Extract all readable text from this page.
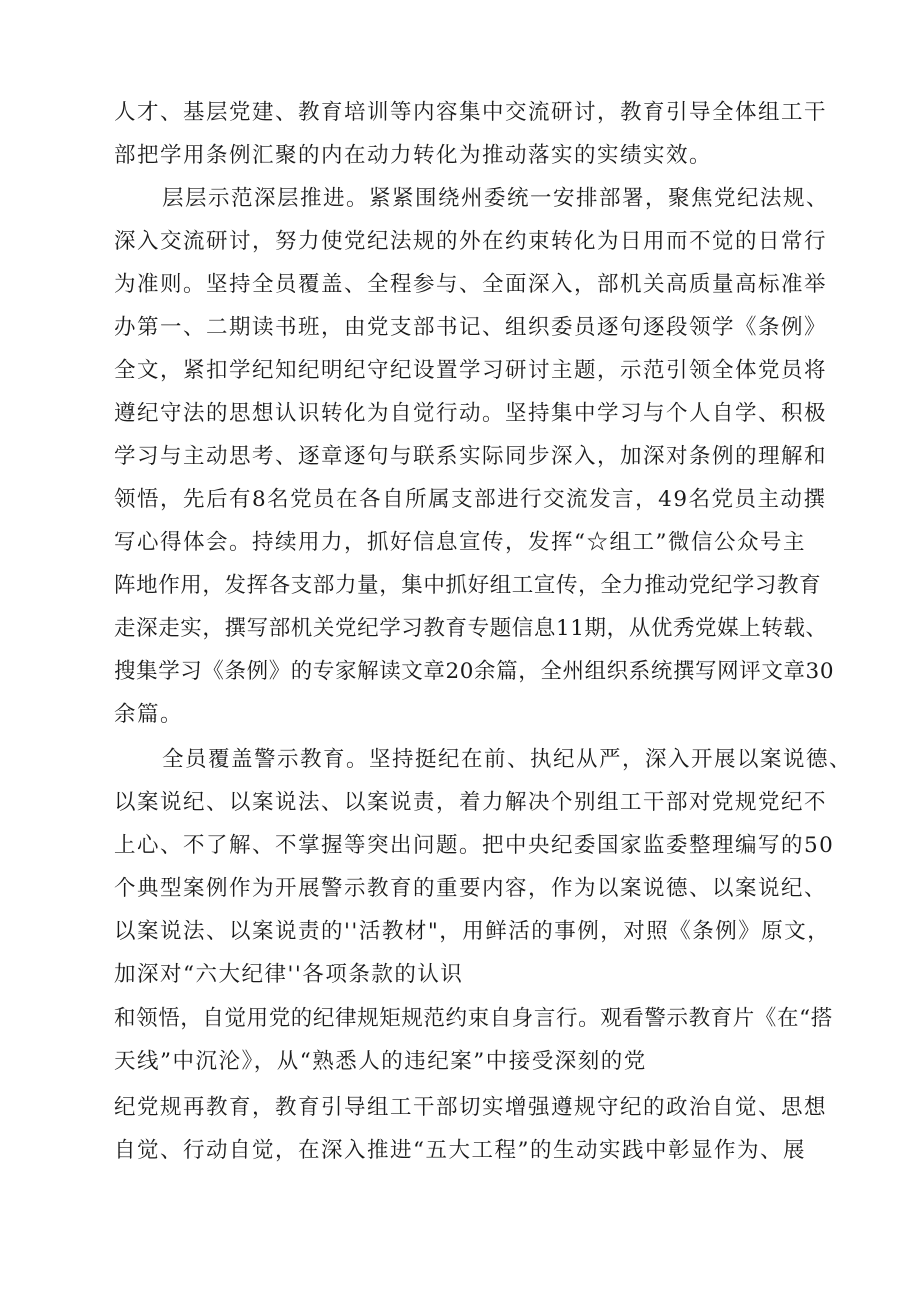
人才、基层党建、教育培训等内容集中交流研讨，教育引导全体组工干

部把学用条例汇聚的内在动力转化为推动落实的实绩实效。

层层示范深层推进。紧紧围绕州委统一安排部署，聚焦党纪法规、

深入交流研讨，努力使党纪法规的外在约束转化为日用而不觉的日常行

为准则。坚持全员覆盖、全程参与、全面深入，部机关高质量高标准举

办第一、二期读书班，由党支部书记、组织委员逐句逐段领学《条例》

全文，紧扣学纪知纪明纪守纪设置学习研讨主题，示范引领全体党员将

遵纪守法的思想认识转化为自觉行动。坚持集中学习与个人自学、积极

学习与主动思考、逐章逐句与联系实际同步深入，加深对条例的理解和

领悟，先后有8名党员在各自所属支部进行交流发言，49名党员主动撰

写心得体会。持续用力，抓好信息宣传，发挥“☆组工”微信公众号主

阵地作用，发挥各支部力量，集中抓好组工宣传，全力推动党纪学习教育

走深走实，撰写部机关党纪学习教育专题信息11期，从优秀党媒上转载、

搜集学习《条例》的专家解读文章20余篇，全州组织系统撰写网评文章30

余篇。

全员覆盖警示教育。坚持挺纪在前、执纪从严，深入开展以案说德、

以案说纪、以案说法、以案说责，着力解决个别组工干部对党规党纪不

上心、不了解、不掌握等突出问题。把中央纪委国家监委整理编写的50

个典型案例作为开展警示教育的重要内容，作为以案说德、以案说纪、

以案说法、以案说责的''活教材"，用鲜活的事例，对照《条例》原文，

加深对“六大纪律''各项条款的认识

和领悟，自觉用党的纪律规矩规范约束自身言行。观看警示教育片《在“搭

天线”中沉沦》，从“熟悉人的违纪案”中接受深刻的党

纪党规再教育，教育引导组工干部切实增强遵规守纪的政治自觉、思想

自觉、行动自觉，在深入推进“五大工程”的生动实践中彰显作为、展
